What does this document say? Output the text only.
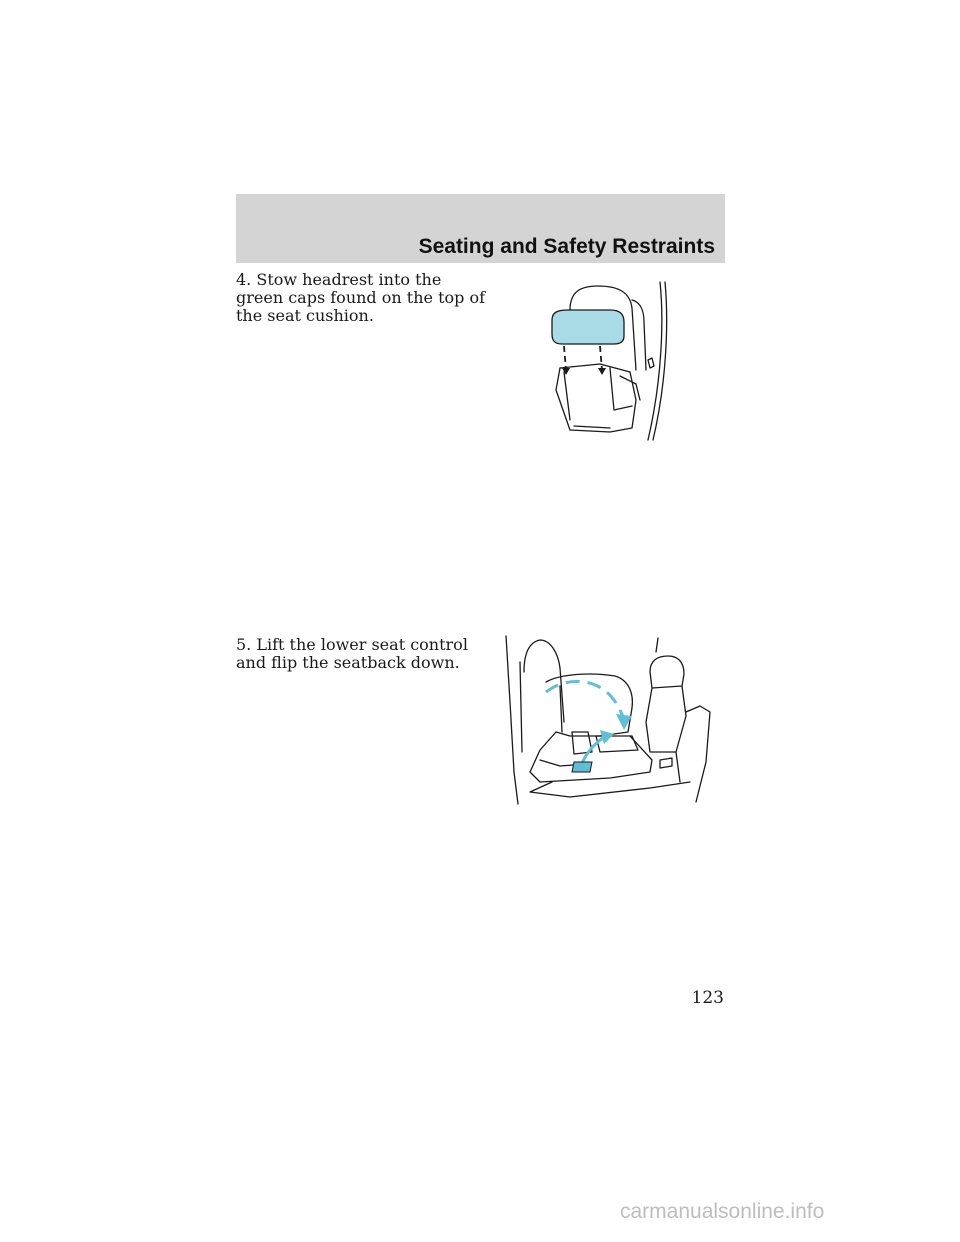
Seating and Safety Restraints
4. Stow headrest into the green caps found on the top of the seat cushion.
5. Lift the lower seat control and flip the seatback down.
123
carmanualsonline.info
